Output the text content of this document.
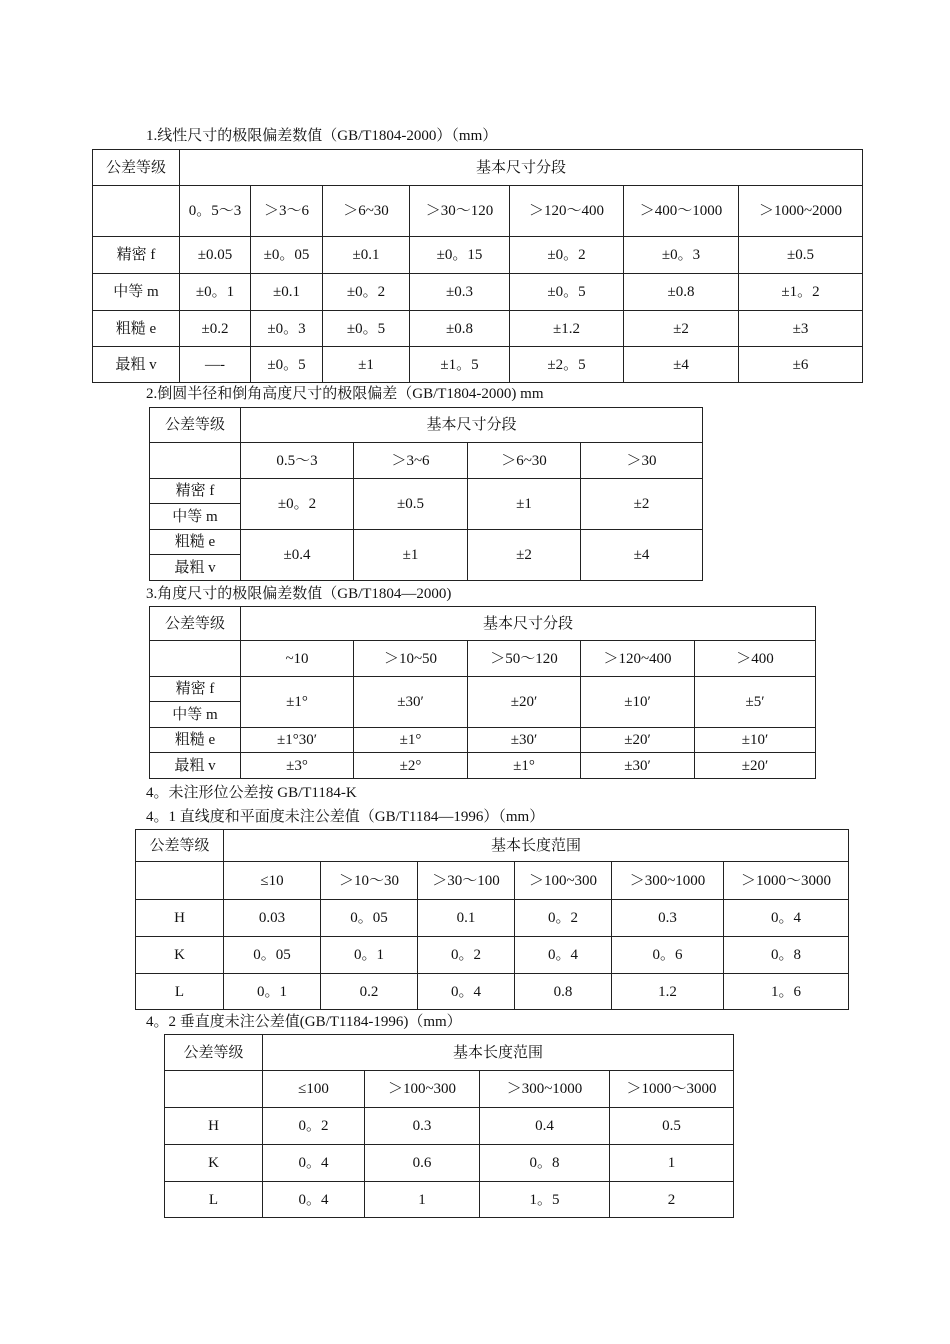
1.线性尺寸的极限偏差数值（GB/T1804-2000）（mm）
公差等级	基本尺寸分段						
	0。5～3	＞3～6	＞6~30	＞30～120	＞120～400	＞400～1000	＞1000~2000
精密 f	±0.05	±0。05	±0.1	±0。15	±0。2	±0。3	±0.5
中等 m	±0。1	±0.1	±0。2	±0.3	±0。5	±0.8	±1。2
粗糙 e	±0.2	±0。3	±0。5	±0.8	±1.2	±2	±3
最粗 v	—-	±0。5	±1	±1。5	±2。5	±4	±6
2.倒圆半径和倒角高度尺寸的极限偏差（GB/T1804-2000) mm
公差等级	基本尺寸分段			
	0.5～3	＞3~6	＞6~30	＞30
精密 f	±0。2	±0.5	±1	±2
中等 m				
粗糙 e	±0.4	±1	±2	±4
最粗 v				
3.角度尺寸的极限偏差数值（GB/T1804—2000)
公差等级	基本尺寸分段				
	~10	＞10~50	＞50～120	＞120~400	＞400
精密 f	±1°	±30′	±20′	±10′	±5′
中等 m					
粗糙 e	±1°30′	±1°	±30′	±20′	±10′
最粗 v	±3°	±2°	±1°	±30′	±20′
4。未注形位公差按 GB/T1184-K
4。1 直线度和平面度未注公差值（GB/T1184—1996）（mm）
公差等级	基本长度范围					
	≤10	＞10～30	＞30～100	＞100~300	＞300~1000	＞1000～3000
H	0.03	0。05	0.1	0。2	0.3	0。4
K	0。05	0。1	0。2	0。4	0。6	0。8
L	0。1	0.2	0。4	0.8	1.2	1。6
4。2 垂直度未注公差值(GB/T1184-1996)（mm）
公差等级	基本长度范围			
	≤100	＞100~300	＞300~1000	＞1000～3000
H	0。2	0.3	0.4	0.5
K	0。4	0.6	0。8	1
L	0。4	1	1。5	2
